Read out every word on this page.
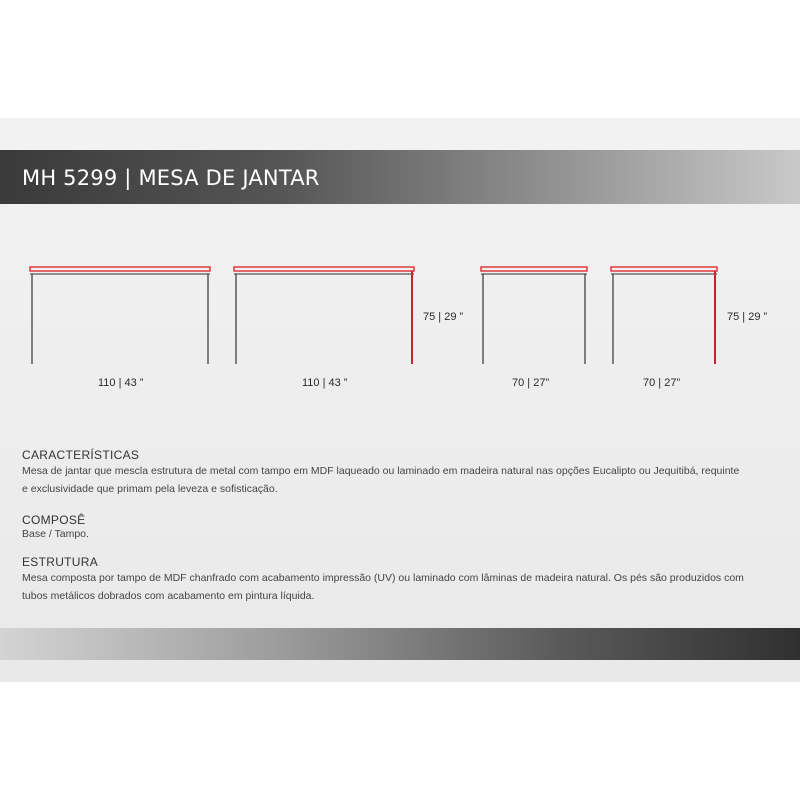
MH 5299 | MESA DE JANTAR
110 | 43 ”	110 | 43 ”
75 | 29 ”
70 | 27”	70 | 27”
75 | 29 ”
CARACTERÍSTICAS
Mesa de jantar que mescla estrutura de metal com tampo em MDF laqueado ou laminado em madeira natural nas opções Eucalipto ou Jequitibá, requinte
e exclusividade que primam pela leveza e sofisticação.
COMPOSÊ
Base / Tampo.
ESTRUTURA
Mesa composta por tampo de MDF chanfrado com acabamento impressão (UV) ou laminado com lâminas de madeira natural. Os pés são produzidos com
tubos metálicos dobrados com acabamento em pintura líquida.
